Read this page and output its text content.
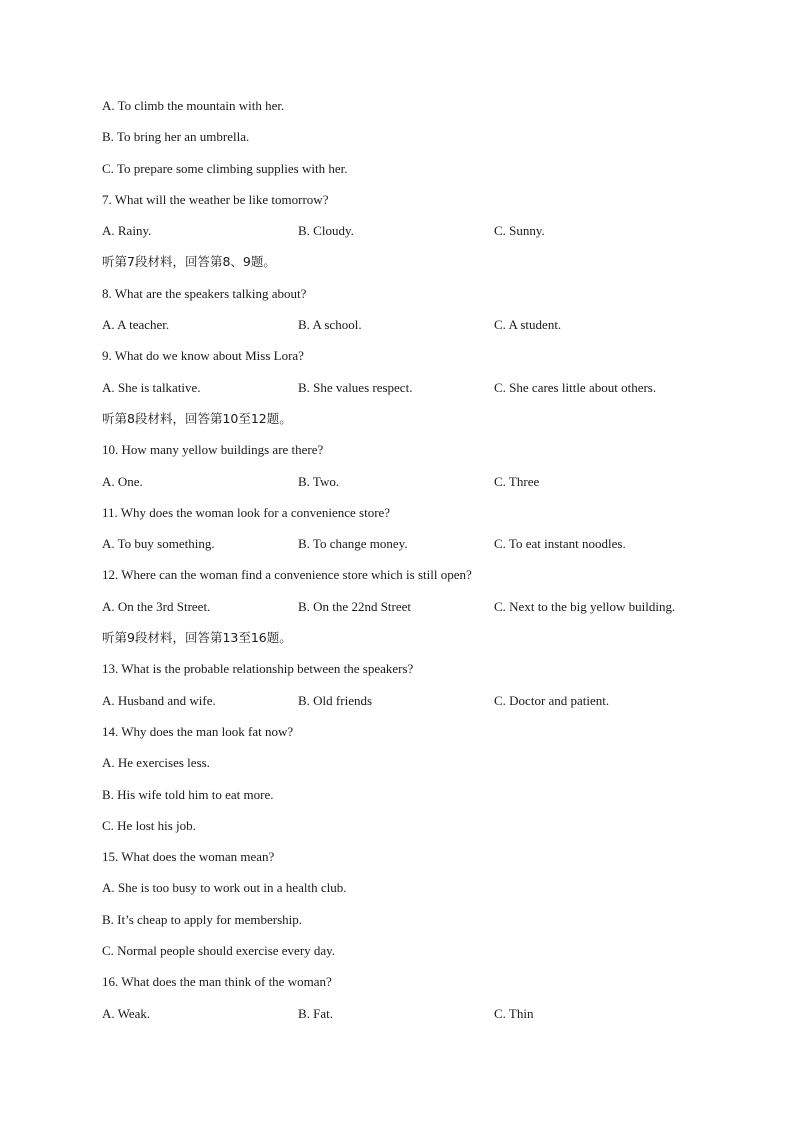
A. To climb the mountain with her.
B. To bring her an umbrella.
C. To prepare some climbing supplies with her.
7. What will the weather be like tomorrow?
A. Rainy.	B. Cloudy.	C. Sunny.
听第7段材料，回答第8、9题。
8. What are the speakers talking about?
A. A teacher.	B. A school.	C. A student.
9. What do we know about Miss Lora?
A. She is talkative.	B. She values respect.	C. She cares little about others.
听第8段材料，回答第10至12题。
10. How many yellow buildings are there?
A. One.	B. Two.	C. Three
11. Why does the woman look for a convenience store?
A. To buy something.	B. To change money.	C. To eat instant noodles.
12. Where can the woman find a convenience store which is still open?
A. On the 3rd Street.	B. On the 22nd Street	C. Next to the big yellow building.
听第9段材料，回答第13至16题。
13. What is the probable relationship between the speakers?
A. Husband and wife.	B. Old friends	C. Doctor and patient.
14. Why does the man look fat now?
A. He exercises less.
B. His wife told him to eat more.
C. He lost his job.
15. What does the woman mean?
A. She is too busy to work out in a health club.
B. It’s cheap to apply for membership.
C. Normal people should exercise every day.
16. What does the man think of the woman?
A. Weak.	B. Fat.	C. Thin
